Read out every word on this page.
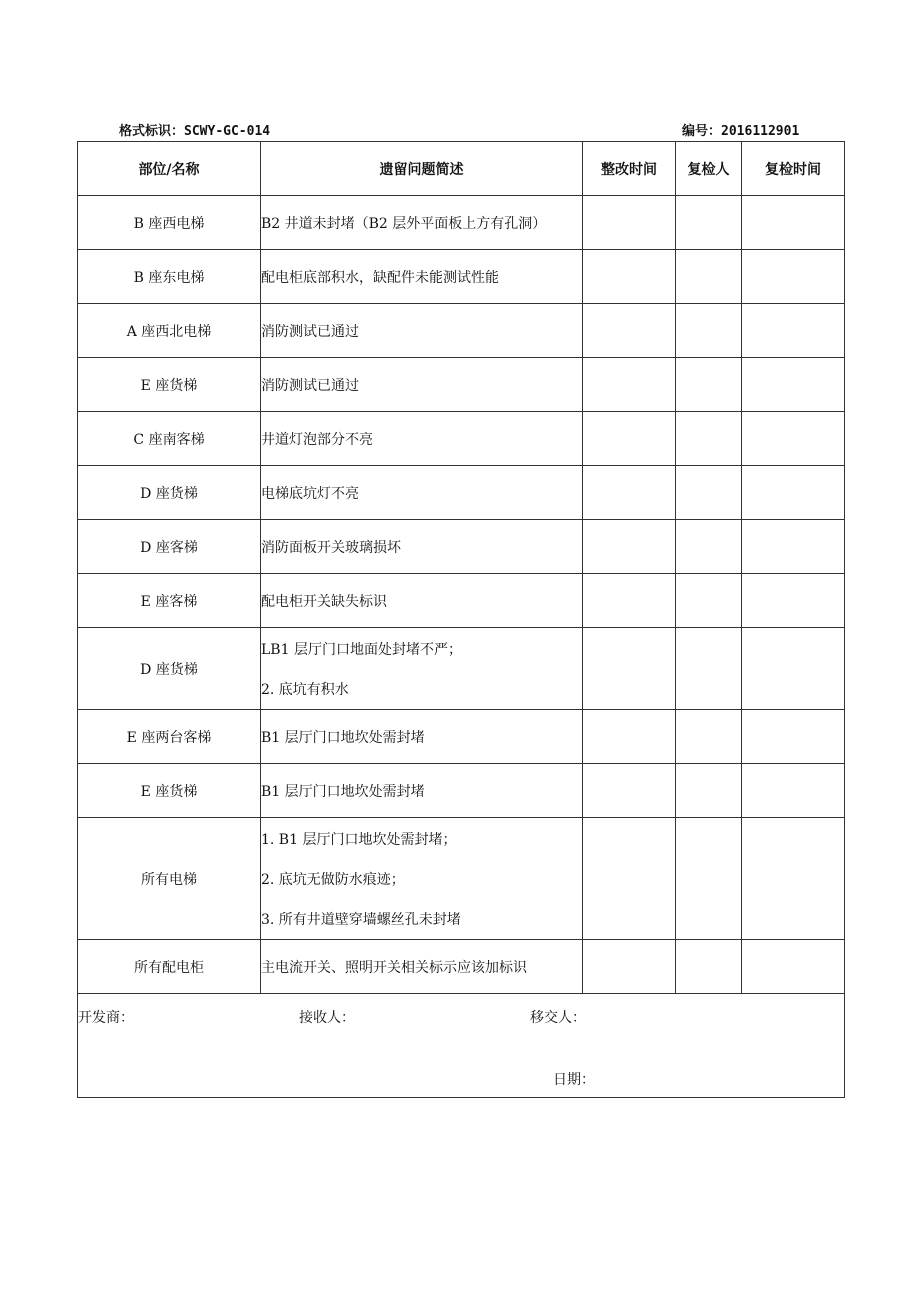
格式标识：SCWY-GC-014	编号：2016112901
部位/名称	遗留问题简述	整改时间	复检人	复检时间
B 座西电梯	B2 井道未封堵（B2 层外平面板上方有孔洞）			

B 座东电梯	配电柜底部积水，缺配件未能测试性能			

A 座西北电梯	消防测试已通过			

E 座货梯	消防测试已通过			

C 座南客梯	井道灯泡部分不亮			

D 座货梯	电梯底坑灯不亮			

D 座客梯	消防面板开关玻璃损坏			

E 座客梯	配电柜开关缺失标识			

D 座货梯	LB1 层厅门口地面处封堵不严；
2. 底坑有积水			

E 座两台客梯	B1 层厅门口地坎处需封堵			

E 座货梯	B1 层厅门口地坎处需封堵			

所有电梯	1. B1 层厅门口地坎处需封堵；
2. 底坑无做防水痕迹；
3. 所有井道壁穿墙螺丝孔未封堵			

所有配电柜	主电流开关、照明开关相关标示应该加标识			

开发商： 接收人： 移交人：
日期：				
